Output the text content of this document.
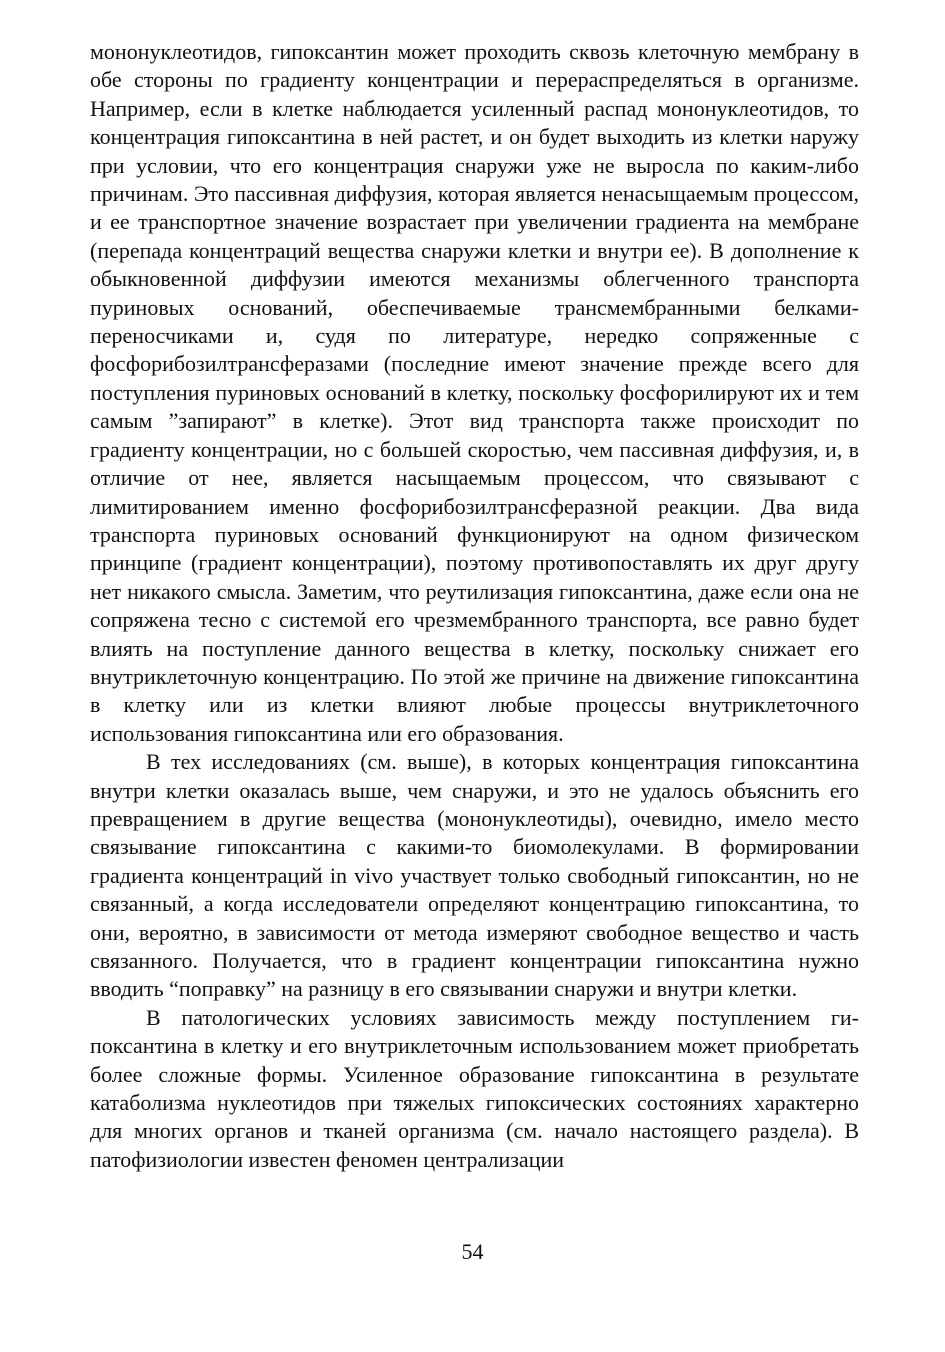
мононуклеотидов, гипоксантин может проходить сквозь клеточную мембрану в обе стороны по градиенту концентрации и перераспределяться в организме. Например, если в клетке наблюдается усиленный распад мононуклеотидов, то концентрация гипоксантина в ней растет, и он будет выходить из клетки наружу при условии, что его концентрация снаружи уже не выросла по каким-либо причинам. Это пассивная диффузия, которая является ненасыщаемым процессом, и ее транспортное значение возрастает при увеличении градиента на мембране (перепада концентраций вещества снаружи клетки и внутри ее). В дополнение к обыкновенной диффузии имеются механизмы облегченного транспорта пуриновых оснований, обеспечиваемые трансмембранными белками-переносчиками и, судя по литературе, нередко сопряженные с фосфорибозилтрансферазами (последние имеют значение прежде всего для поступления пуриновых оснований в клетку, поскольку фосфорилируют их и тем самым ”запирают” в клетке). Этот вид транспорта также происходит по градиенту концентрации, но с большей скоростью, чем пассивная диффузия, и, в отличие от нее, является насыщаемым процессом, что связывают с лимитированием именно фосфорибозилтрансферазной реакции. Два вида транспорта пуриновых оснований функционируют на одном физическом принципе (градиент концентрации), поэтому противопоставлять их друг другу нет никакого смысла. Заметим, что реутилизация гипоксантина, даже если она не сопряжена тесно с системой его чрезмембранного транспорта, все равно будет влиять на поступление данного вещества в клетку, поскольку снижает его внутриклеточную концентрацию. По этой же причине на движение гипоксантина в клетку или из клетки влияют любые процессы внутриклеточного использования гипоксантина или его образования.

В тех исследованиях (см. выше), в которых концентрация гипоксантина внутри клетки оказалась выше, чем снаружи, и это не удалось объяснить его превращением в другие вещества (мононуклеотиды), очевидно, имело место связывание гипоксантина с какими-то биомолекулами. В формировании градиента концентраций in vivo участвует только свободный гипоксантин, но не связанный, а когда исследователи определяют концентрацию гипоксантина, то они, вероятно, в зависимости от метода измеряют свободное вещество и часть связанного. Получается, что в градиент концентрации гипоксантина нужно вводить “поправку” на разницу в его связывании снаружи и внутри клетки.

В патологических условиях зависимость между поступлением гипоксантина в клетку и его внутриклеточным использованием может приобретать более сложные формы. Усиленное образование гипоксантина в результате катаболизма нуклеотидов при тяжелых гипоксических состояниях характерно для многих органов и тканей организма (см. начало настоящего раздела). В патофизиологии известен феномен централизации

54
